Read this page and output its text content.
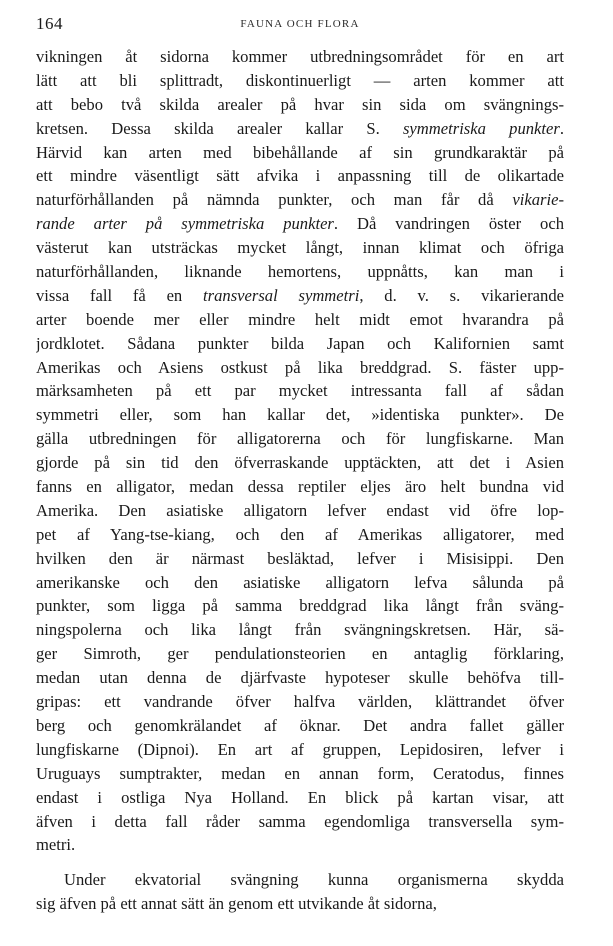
164	FAUNA OCH FLORA
vikningen åt sidorna kommer utbredningsområdet för en art
lätt att bli splittradt, diskontinuerligt — arten kommer att
att bebo två skilda arealer på hvar sin sida om svängnings-
kretsen. Dessa skilda arealer kallar S. symmetriska punkter.
Härvid kan arten med bibehållande af sin grundkaraktär på
ett mindre väsentligt sätt afvika i anpassning till de olikartade
naturförhållanden på nämnda punkter, och man får då vikarie-
rande arter på symmetriska punkter. Då vandringen öster och
västerut kan utsträckas mycket långt, innan klimat och öfriga
naturförhållanden, liknande hemortens, uppnåtts, kan man i
vissa fall få en transversal symmetri, d. v. s. vikarierande
arter boende mer eller mindre helt midt emot hvarandra på
jordklotet. Sådana punkter bilda Japan och Kalifornien samt
Amerikas och Asiens ostkust på lika breddgrad. S. fäster upp-
märksamheten på ett par mycket intressanta fall af sådan
symmetri eller, som han kallar det, »identiska punkter». De
gälla utbredningen för alligatorerna och för lungfiskarne. Man
gjorde på sin tid den öfverraskande upptäckten, att det i Asien
fanns en alligator, medan dessa reptiler eljes äro helt bundna vid
Amerika. Den asiatiske alligatorn lefver endast vid öfre lop-
pet af Yang-tse-kiang, och den af Amerikas alligatorer, med
hvilken den är närmast besläktad, lefver i Misisippi. Den
amerikanske och den asiatiske alligatorn lefva sålunda på
punkter, som ligga på samma breddgrad lika långt från sväng-
ningspolerna och lika långt från svängningskretsen. Här, sä-
ger Simroth, ger pendulationsteorien en antaglig förklaring,
medan utan denna de djärfvaste hypoteser skulle behöfva till-
gripas: ett vandrande öfver halfva världen, klättrandet öfver
berg och genomkrälandet af öknar. Det andra fallet gäller
lungfiskarne (Dipnoi). En art af gruppen, Lepidosiren, lefver i
Uruguays sumptrakter, medan en annan form, Ceratodus, finnes
endast i ostliga Nya Holland. En blick på kartan visar, att
äfven i detta fall råder samma egendomliga transversella sym-
metri.
Under ekvatorial svängning kunna organismerna skydda
sig äfven på ett annat sätt än genom ett utvikande åt sidorna,
